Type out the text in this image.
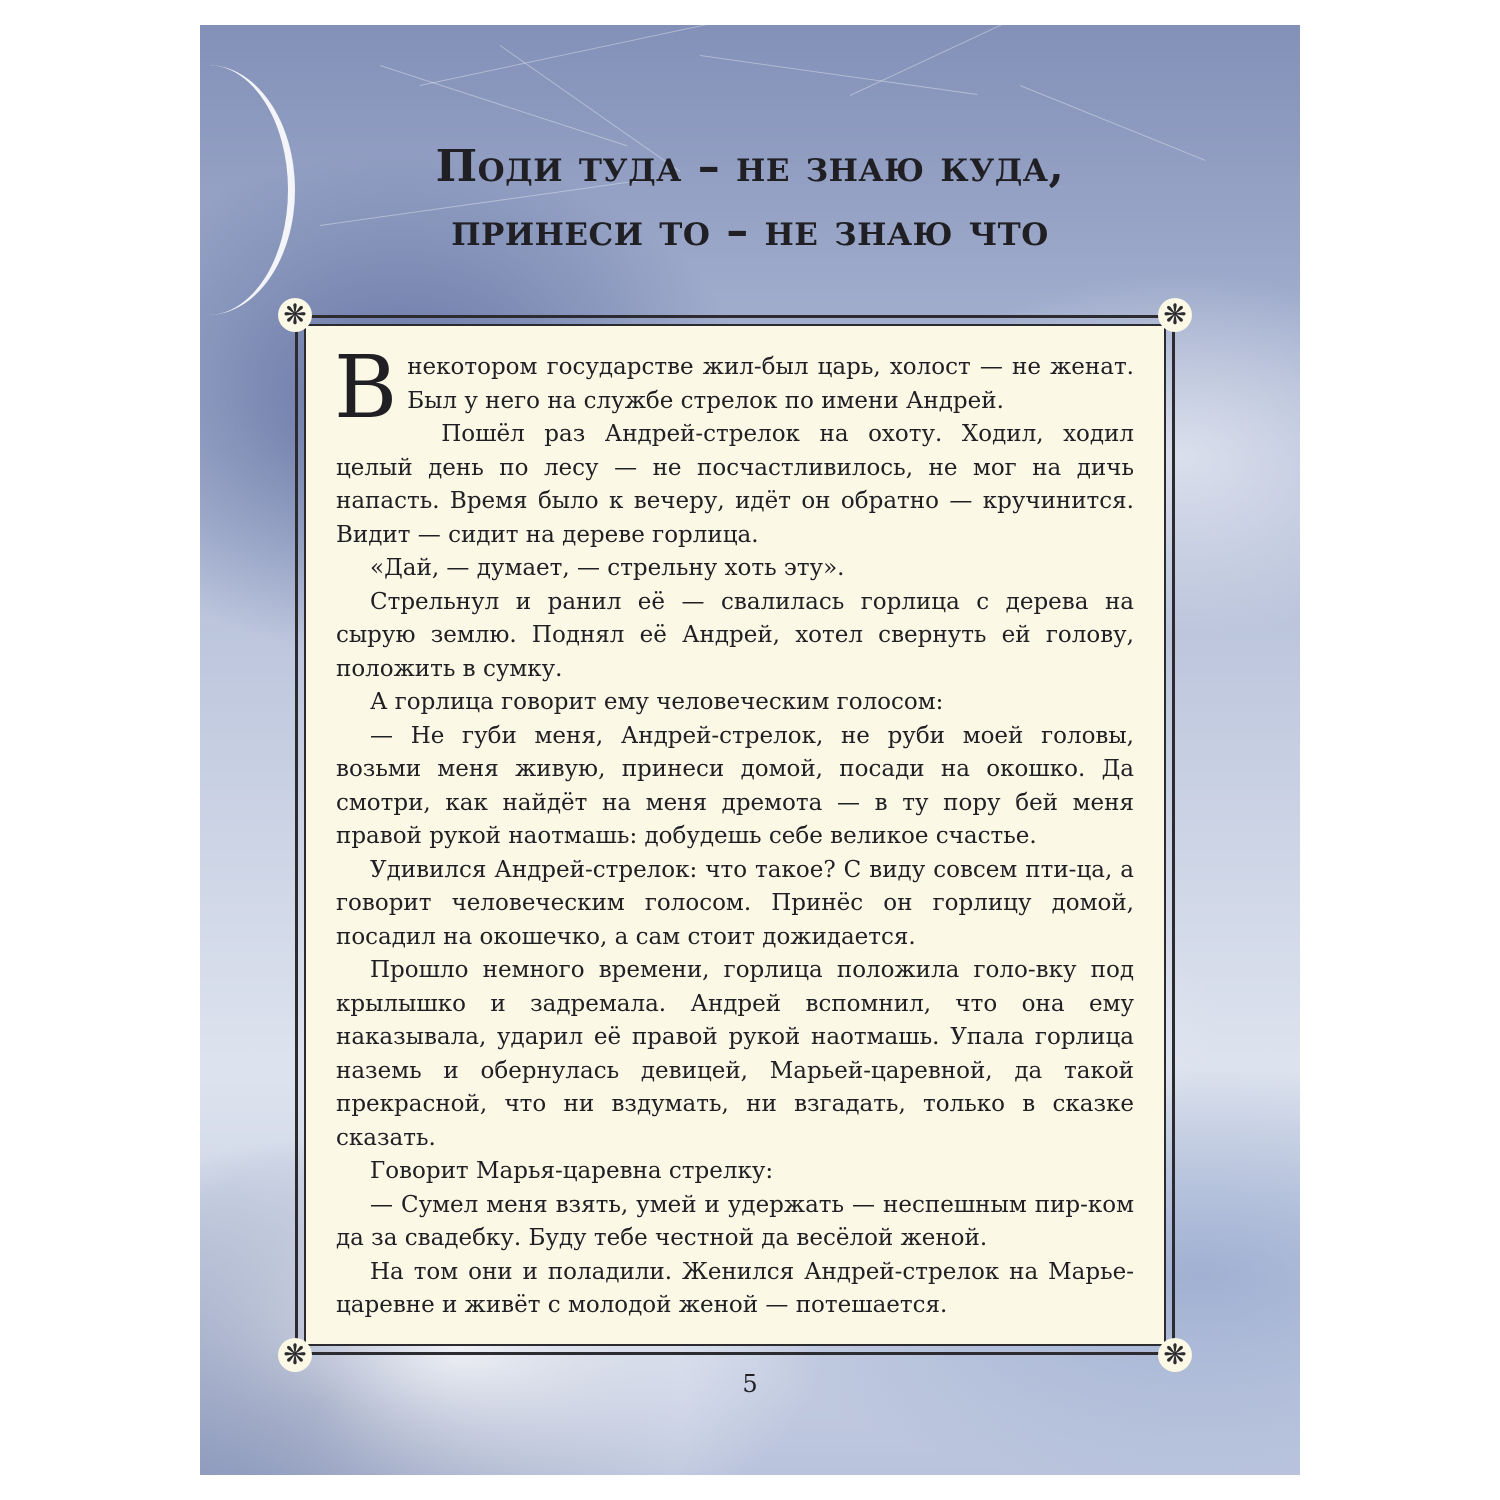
Поди туда – не знаю куда,
принеси то – не знаю что

Внекотором государстве жил-был царь, холост — не женат. Был у него на службе стрелок по имени Андрей.

Пошёл раз Андрей-стрелок на охоту. Ходил, ходил целый день по лесу — не посчастливилось, не мог на дичь напасть. Время было к вечеру, идёт он обратно — кручинится. Видит — сидит на дереве горлица.

«Дай, — думает, — стрельну хоть эту».

Стрельнул и ранил её — свалилась горлица с дерева на сырую землю. Поднял её Андрей, хотел свернуть ей голову, положить в сумку.

А горлица говорит ему человеческим голосом:

— Не губи меня, Андрей-стрелок, не руби моей головы, возьми меня живую, принеси домой, посади на окошко. Да смотри, как найдёт на меня дремота — в ту пору бей меня правой рукой наотмашь: добудешь себе великое счастье.

Удивился Андрей-стрелок: что такое? С виду совсем пти-ца, а говорит человеческим голосом. Принёс он горлицу домой, посадил на окошечко, а сам стоит дожидается.

Прошло немного времени, горлица положила голо-вку под крылышко и задремала. Андрей вспомнил, что она ему наказывала, ударил её правой рукой наотмашь. Упала горлица наземь и обернулась девицей, Марьей-царевной, да такой прекрасной, что ни вздумать, ни взгадать, только в сказке сказать.

Говорит Марья-царевна стрелку:

— Сумел меня взять, умей и удержать — неспешным пир-ком да за свадебку. Буду тебе честной да весёлой женой.

На том они и поладили. Женился Андрей-стрелок на Марье-царевне и живёт с молодой женой — потешается.

❋	❋
❋	❋
5
